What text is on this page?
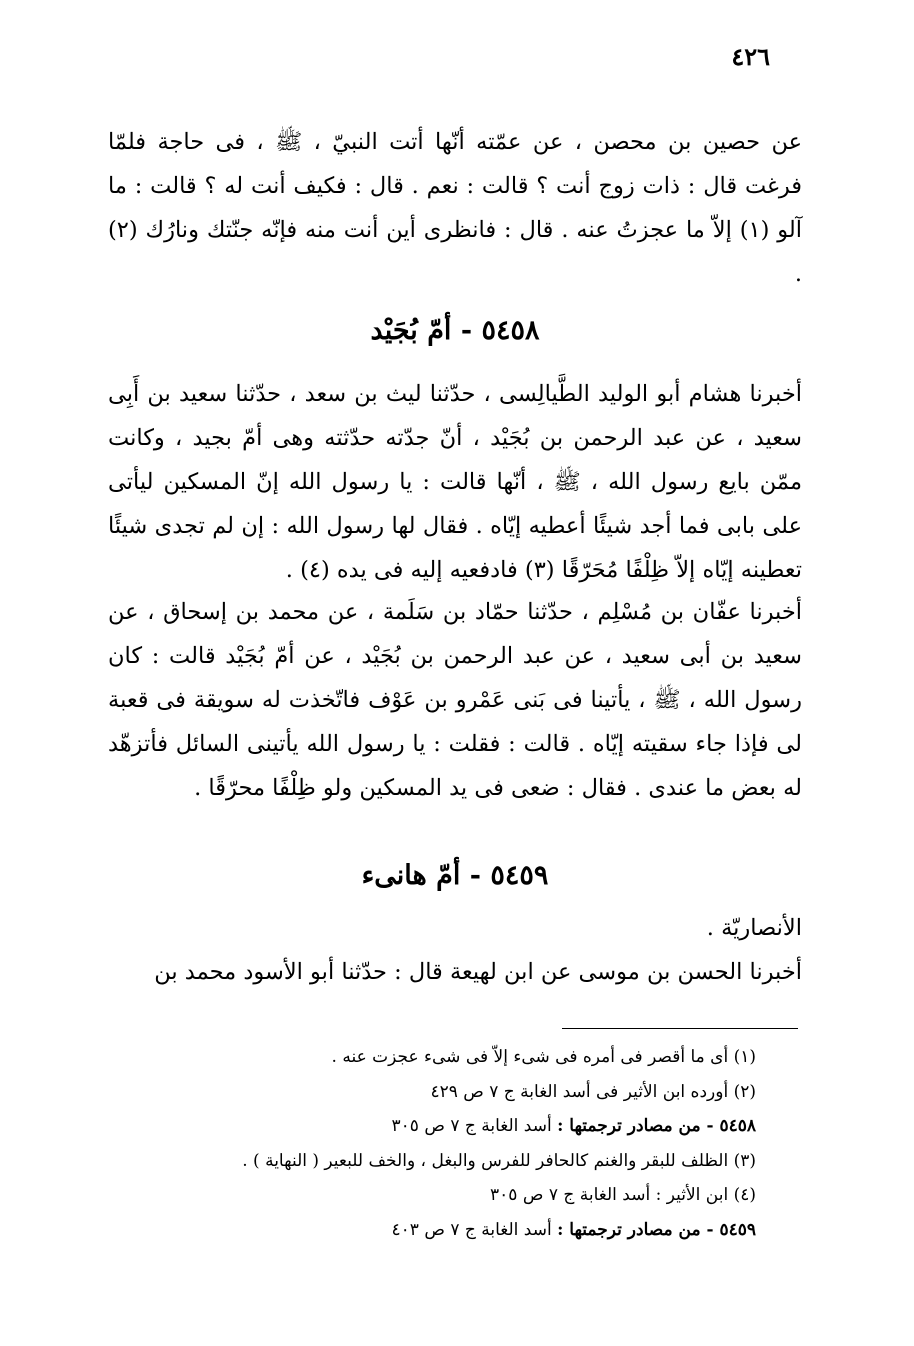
٤٢٦
عن حصين بن محصن ، عن عمّته أنّها أتت النبيّ ، ﷺ ، فى حاجة فلمّا فرغت قال : ذات زوج أنت ؟ قالت : نعم . قال : فكيف أنت له ؟ قالت : ما آلو (١) إلاّ ما عجزتُ عنه . قال : فانظرى أين أنت منه فإنّه جنّتك ونارُك (٢) .
٥٤٥٨ - أمّ بُجَيْد
أخبرنا هشام أبو الوليد الطَّيالِسى ، حدّثنا ليث بن سعد ، حدّثنا سعيد بن أَبِى سعيد ، عن عبد الرحمن بن بُجَيْد ، أنّ جدّته حدّثته وهى أمّ بجيد ، وكانت ممّن بايع رسول الله ، ﷺ ، أنّها قالت : يا رسول الله إنّ المسكين ليأتى على بابى فما أجد شيئًا أعطيه إيّاه . فقال لها رسول الله : إن لم تجدى شيئًا تعطينه إيّاه إلاّ ظِلْفًا مُحَرّقًا (٣) فادفعيه إليه فى يده (٤) .
أخبرنا عفّان بن مُسْلِم ، حدّثنا حمّاد بن سَلَمة ، عن محمد بن إسحاق ، عن سعيد بن أبى سعيد ، عن عبد الرحمن بن بُجَيْد ، عن أمّ بُجَيْد قالت : كان رسول الله ، ﷺ ، يأتينا فى بَنى عَمْرو بن عَوْف فاتّخذت له سويقة فى قعبة لى فإذا جاء سقيته إيّاه . قالت : فقلت : يا رسول الله يأتينى السائل فأتزهّد له بعض ما عندى . فقال : ضعى فى يد المسكين ولو ظِلْفًا محرّقًا .
٥٤٥٩ - أمّ هانىء
الأنصاريّة .
أخبرنا الحسن بن موسى عن ابن لهيعة قال : حدّثنا أبو الأسود محمد بن
(١) أى ما أقصر فى أمره فى شىء إلاّ فى شىء عجزت عنه .
(٢) أورده ابن الأثير فى أسد الغابة ج ٧ ص ٤٢٩
٥٤٥٨ - من مصادر ترجمتها : أسد الغابة ج ٧ ص ٣٠٥
(٣) الظلف للبقر والغنم كالحافر للفرس والبغل ، والخف للبعير ( النهاية ) .
(٤) ابن الأثير : أسد الغابة ج ٧ ص ٣٠٥
٥٤٥٩ - من مصادر ترجمتها : أسد الغابة ج ٧ ص ٤٠٣
